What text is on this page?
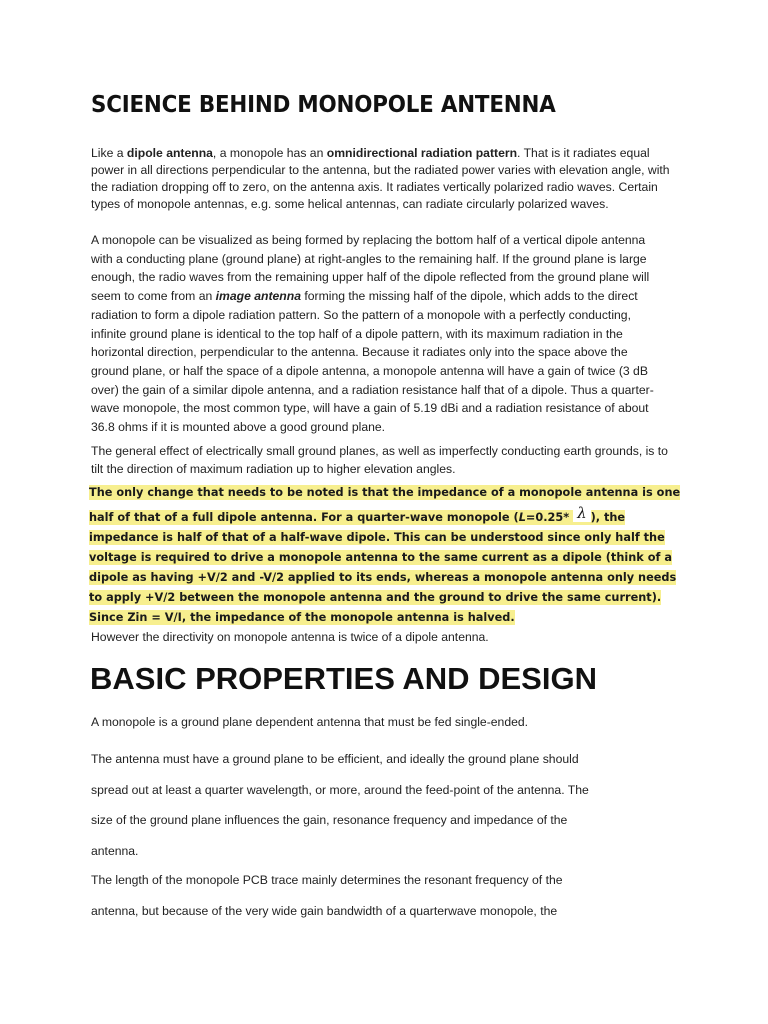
SCIENCE BEHIND MONOPOLE ANTENNA

Like a dipole antenna, a monopole has an omnidirectional radiation pattern. That is it radiates equal power in all directions perpendicular to the antenna, but the radiated power varies with elevation angle, with the radiation dropping off to zero, on the antenna axis. It radiates vertically polarized radio waves. Certain types of monopole antennas, e.g. some helical antennas, can radiate circularly polarized waves.

A monopole can be visualized as being formed by replacing the bottom half of a vertical dipole antenna with a conducting plane (ground plane) at right-angles to the remaining half. If the ground plane is large enough, the radio waves from the remaining upper half of the dipole reflected from the ground plane will seem to come from an image antenna forming the missing half of the dipole, which adds to the direct radiation to form a dipole radiation pattern. So the pattern of a monopole with a perfectly conducting, infinite ground plane is identical to the top half of a dipole pattern, with its maximum radiation in the horizontal direction, perpendicular to the antenna. Because it radiates only into the space above the ground plane, or half the space of a dipole antenna, a monopole antenna will have a gain of twice (3 dB over) the gain of a similar dipole antenna, and a radiation resistance half that of a dipole. Thus a quarter-wave monopole, the most common type, will have a gain of 5.19 dBi and a radiation resistance of about 36.8 ohms if it is mounted above a good ground plane.

The general effect of electrically small ground planes, as well as imperfectly conducting earth grounds, is to tilt the direction of maximum radiation up to higher elevation angles.

The only change that needs to be noted is that the impedance of a monopole antenna is one half of that of a full dipole antenna. For a quarter-wave monopole (L=0.25* λ ), the impedance is half of that of a half-wave dipole. This can be understood since only half the voltage is required to drive a monopole antenna to the same current as a dipole (think of a dipole as having +V/2 and -V/2 applied to its ends, whereas a monopole antenna only needs to apply +V/2 between the monopole antenna and the ground to drive the same current). Since Zin = V/I, the impedance of the monopole antenna is halved.

However the directivity on monopole antenna is twice of a dipole antenna.

BASIC PROPERTIES AND DESIGN

A monopole is a ground plane dependent antenna that must be fed single-ended.

The antenna must have a ground plane to be efficient, and ideally the ground plane should
spread out at least a quarter wavelength, or more, around the feed-point of the antenna. The
size of the ground plane influences the gain, resonance frequency and impedance of the
antenna.

The length of the monopole PCB trace mainly determines the resonant frequency of the
antenna, but because of the very wide gain bandwidth of a quarterwave monopole, the
